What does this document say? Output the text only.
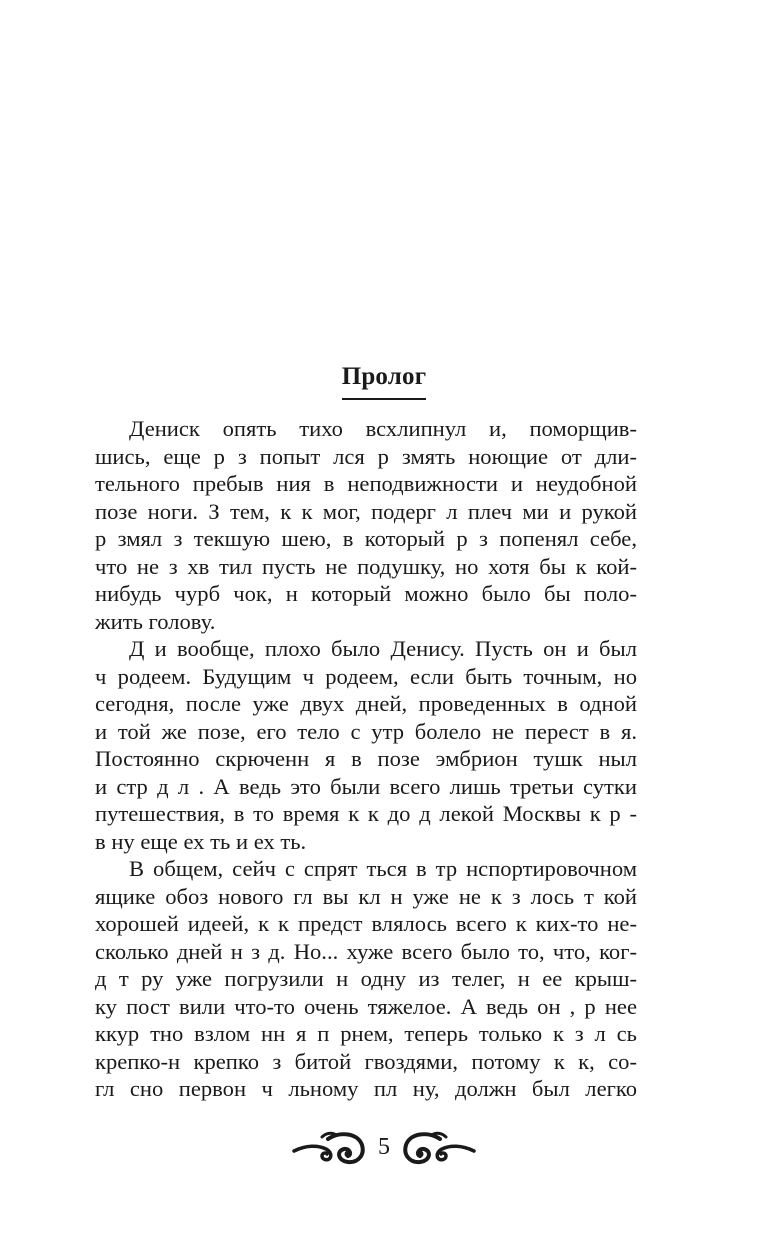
Пролог
Дениск опять тихо всхлипнул и, поморщив-
шись, еще р з попыт лся р змять ноющие от дли-
тельного пребыв ния в неподвижности и неудобной
позе ноги. З тем, к к мог, подерг л плеч ми и рукой
р змял з текшую шею, в который р з попенял себе,
что не з хв тил пусть не подушку, но хотя бы к кой-
нибудь чурб чок, н который можно было бы поло-
жить голову.
Д и вообще, плохо было Денису. Пусть он и был
ч родеем. Будущим ч родеем, если быть точным, но
сегодня, после уже двух дней, проведенных в одной
и той же позе, его тело с утр болело не перест в я.
Постоянно скрюченн я в позе эмбрион тушк ныл
и стр д л . А ведь это были всего лишь третьи сутки
путешествия, в то время к к до д лекой Москвы к р -
в ну еще ех ть и ех ть.
В общем, сейч с спрят ться в тр нспортировочном
ящике обоз нового гл вы кл н уже не к з лось т кой
хорошей идеей, к к предст влялось всего к ких-то не-
сколько дней н з д. Но... хуже всего было то, что, ког-
д т ру уже погрузили н одну из телег, н ее крыш-
ку пост вили что-то очень тяжелое. А ведь он , р нее
ккур тно взлом нн я п рнем, теперь только к з л сь
крепко-н крепко з битой гвоздями, потому к к, со-
гл сно первон ч льному пл ну, должн был легко
5
